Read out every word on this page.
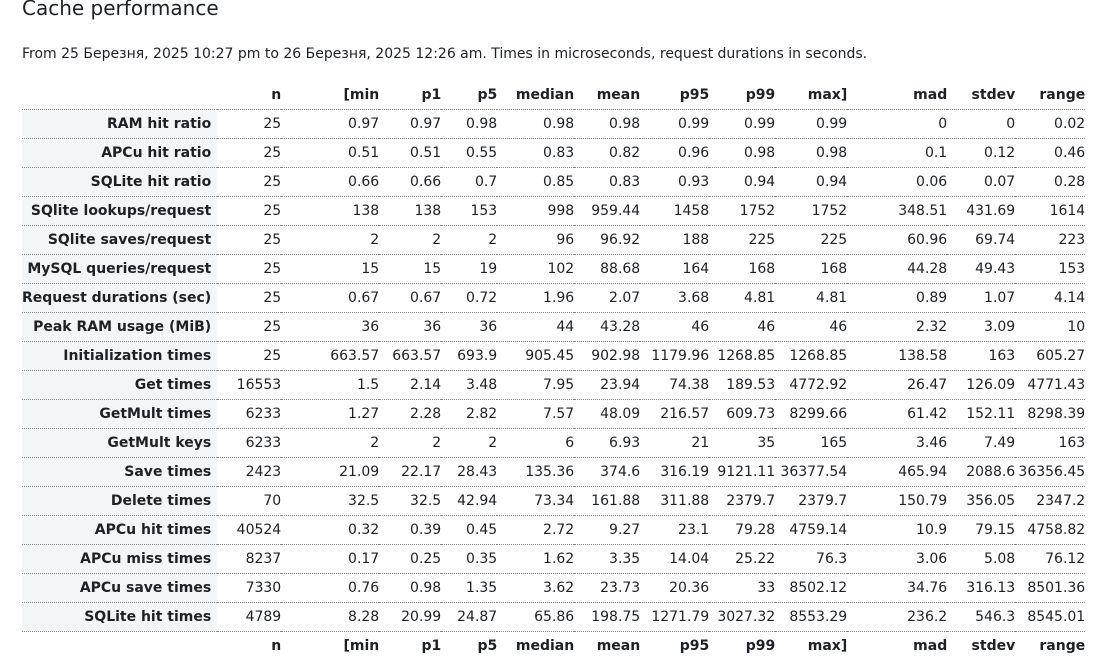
Cache performance

From 25 Березня, 2025 10:27 pm to 26 Березня, 2025 12:26 am. Times in microseconds, request durations in seconds.

	n	[min	p1	p5	median	mean	p95	p99	max]	mad	stdev	range
RAM hit ratio	25	0.97	0.97	0.98	0.98	0.98	0.99	0.99	0.99	0	0	0.02
APCu hit ratio	25	0.51	0.51	0.55	0.83	0.82	0.96	0.98	0.98	0.1	0.12	0.46
SQLite hit ratio	25	0.66	0.66	0.7	0.85	0.83	0.93	0.94	0.94	0.06	0.07	0.28
SQlite lookups/request	25	138	138	153	998	959.44	1458	1752	1752	348.51	431.69	1614
SQlite saves/request	25	2	2	2	96	96.92	188	225	225	60.96	69.74	223
MySQL queries/request	25	15	15	19	102	88.68	164	168	168	44.28	49.43	153
Request durations (sec)	25	0.67	0.67	0.72	1.96	2.07	3.68	4.81	4.81	0.89	1.07	4.14
Peak RAM usage (MiB)	25	36	36	36	44	43.28	46	46	46	2.32	3.09	10
Initialization times	25	663.57	663.57	693.9	905.45	902.98	1179.96	1268.85	1268.85	138.58	163	605.27
Get times	16553	1.5	2.14	3.48	7.95	23.94	74.38	189.53	4772.92	26.47	126.09	4771.43
GetMult times	6233	1.27	2.28	2.82	7.57	48.09	216.57	609.73	8299.66	61.42	152.11	8298.39
GetMult keys	6233	2	2	2	6	6.93	21	35	165	3.46	7.49	163
Save times	2423	21.09	22.17	28.43	135.36	374.6	316.19	9121.11	36377.54	465.94	2088.6	36356.45
Delete times	70	32.5	32.5	42.94	73.34	161.88	311.88	2379.7	2379.7	150.79	356.05	2347.2
APCu hit times	40524	0.32	0.39	0.45	2.72	9.27	23.1	79.28	4759.14	10.9	79.15	4758.82
APCu miss times	8237	0.17	0.25	0.35	1.62	3.35	14.04	25.22	76.3	3.06	5.08	76.12
APCu save times	7330	0.76	0.98	1.35	3.62	23.73	20.36	33	8502.12	34.76	316.13	8501.36
SQLite hit times	4789	8.28	20.99	24.87	65.86	198.75	1271.79	3027.32	8553.29	236.2	546.3	8545.01
	n	[min	p1	p5	median	mean	p95	p99	max]	mad	stdev	range
